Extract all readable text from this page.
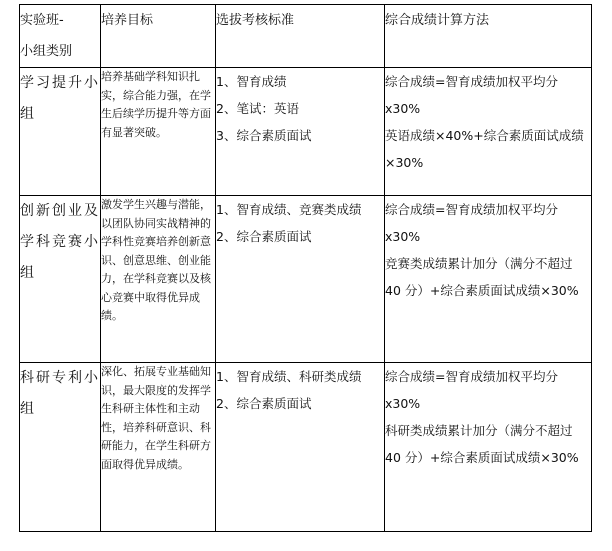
实验班-
小组类别	培养目标	选拔考核标准	综合成绩计算方法

学习提升小组	培养基础学科知识扎实，综合能力强，在学生后续学历提升等方面有显著突破。	1、智育成绩
2、笔试：英语
3、综合素质面试	综合成绩=智育成绩加权平均分 x30%
英语成绩×40%+综合素质面试成绩×30%

创新创业及学科竞赛小组	激发学生兴趣与潜能，以团队协同实战精神的学科性竞赛培养创新意识、创意思维、创业能力，在学科竞赛以及核心竞赛中取得优异成绩。	1、智育成绩、竞赛类成绩
2、综合素质面试	综合成绩=智育成绩加权平均分 x30%
竞赛类成绩累计加分（满分不超过 40 分）+综合素质面试成绩×30%

科研专利小组	深化、拓展专业基础知识，最大限度的发挥学生科研主体性和主动性，培养科研意识、科研能力，在学生科研方面取得优异成绩。	1、智育成绩、科研类成绩
2、综合素质面试	综合成绩=智育成绩加权平均分 x30%
科研类成绩累计加分（满分不超过 40 分）+综合素质面试成绩×30%
